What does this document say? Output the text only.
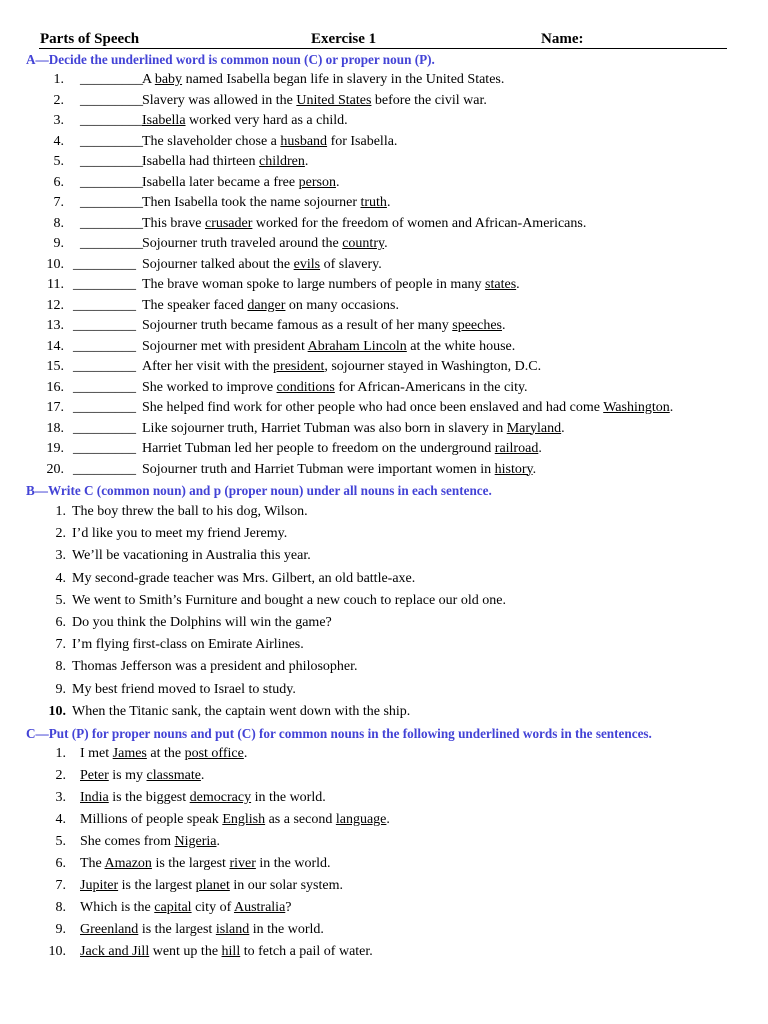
Parts of Speech	Exercise 1	Name:
A—Decide the underlined word is common noun (C) or proper noun (P).
1. _________ A baby named Isabella began life in slavery in the United States.
2. _________ Slavery was allowed in the United States before the civil war.
3. _________ Isabella worked very hard as a child.
4. _________ The slaveholder chose a husband for Isabella.
5. _________ Isabella had thirteen children.
6. _________ Isabella later became a free person.
7. _________ Then Isabella took the name sojourner truth.
8. _________ This brave crusader worked for the freedom of women and African-Americans.
9. _________ Sojourner truth traveled around the country.
10. _________ Sojourner talked about the evils of slavery.
11. _________ The brave woman spoke to large numbers of people in many states.
12. _________ The speaker faced danger on many occasions.
13. _________ Sojourner truth became famous as a result of her many speeches.
14. _________ Sojourner met with president Abraham Lincoln at the white house.
15. _________ After her visit with the president, sojourner stayed in Washington, D.C.
16. _________ She worked to improve conditions for African-Americans in the city.
17. _________ She helped find work for other people who had once been enslaved and had come Washington.
18. _________ Like sojourner truth, Harriet Tubman was also born in slavery in Maryland.
19. _________ Harriet Tubman led her people to freedom on the underground railroad.
20. _________ Sojourner truth and Harriet Tubman were important women in history.
B—Write C (common noun) and p (proper noun) under all nouns in each sentence.
1. The boy threw the ball to his dog, Wilson.
2. I’d like you to meet my friend Jeremy.
3. We’ll be vacationing in Australia this year.
4. My second-grade teacher was Mrs. Gilbert, an old battle-axe.
5. We went to Smith’s Furniture and bought a new couch to replace our old one.
6. Do you think the Dolphins will win the game?
7. I’m flying first-class on Emirate Airlines.
8. Thomas Jefferson was a president and philosopher.
9. My best friend moved to Israel to study.
10. When the Titanic sank, the captain went down with the ship.
C—Put (P) for proper nouns and put (C) for common nouns in the following underlined words in the sentences.
1. I met James at the post office.
2. Peter is my classmate.
3. India is the biggest democracy in the world.
4. Millions of people speak English as a second language.
5. She comes from Nigeria.
6. The Amazon is the largest river in the world.
7. Jupiter is the largest planet in our solar system.
8. Which is the capital city of Australia?
9. Greenland is the largest island in the world.
10. Jack and Jill went up the hill to fetch a pail of water.
